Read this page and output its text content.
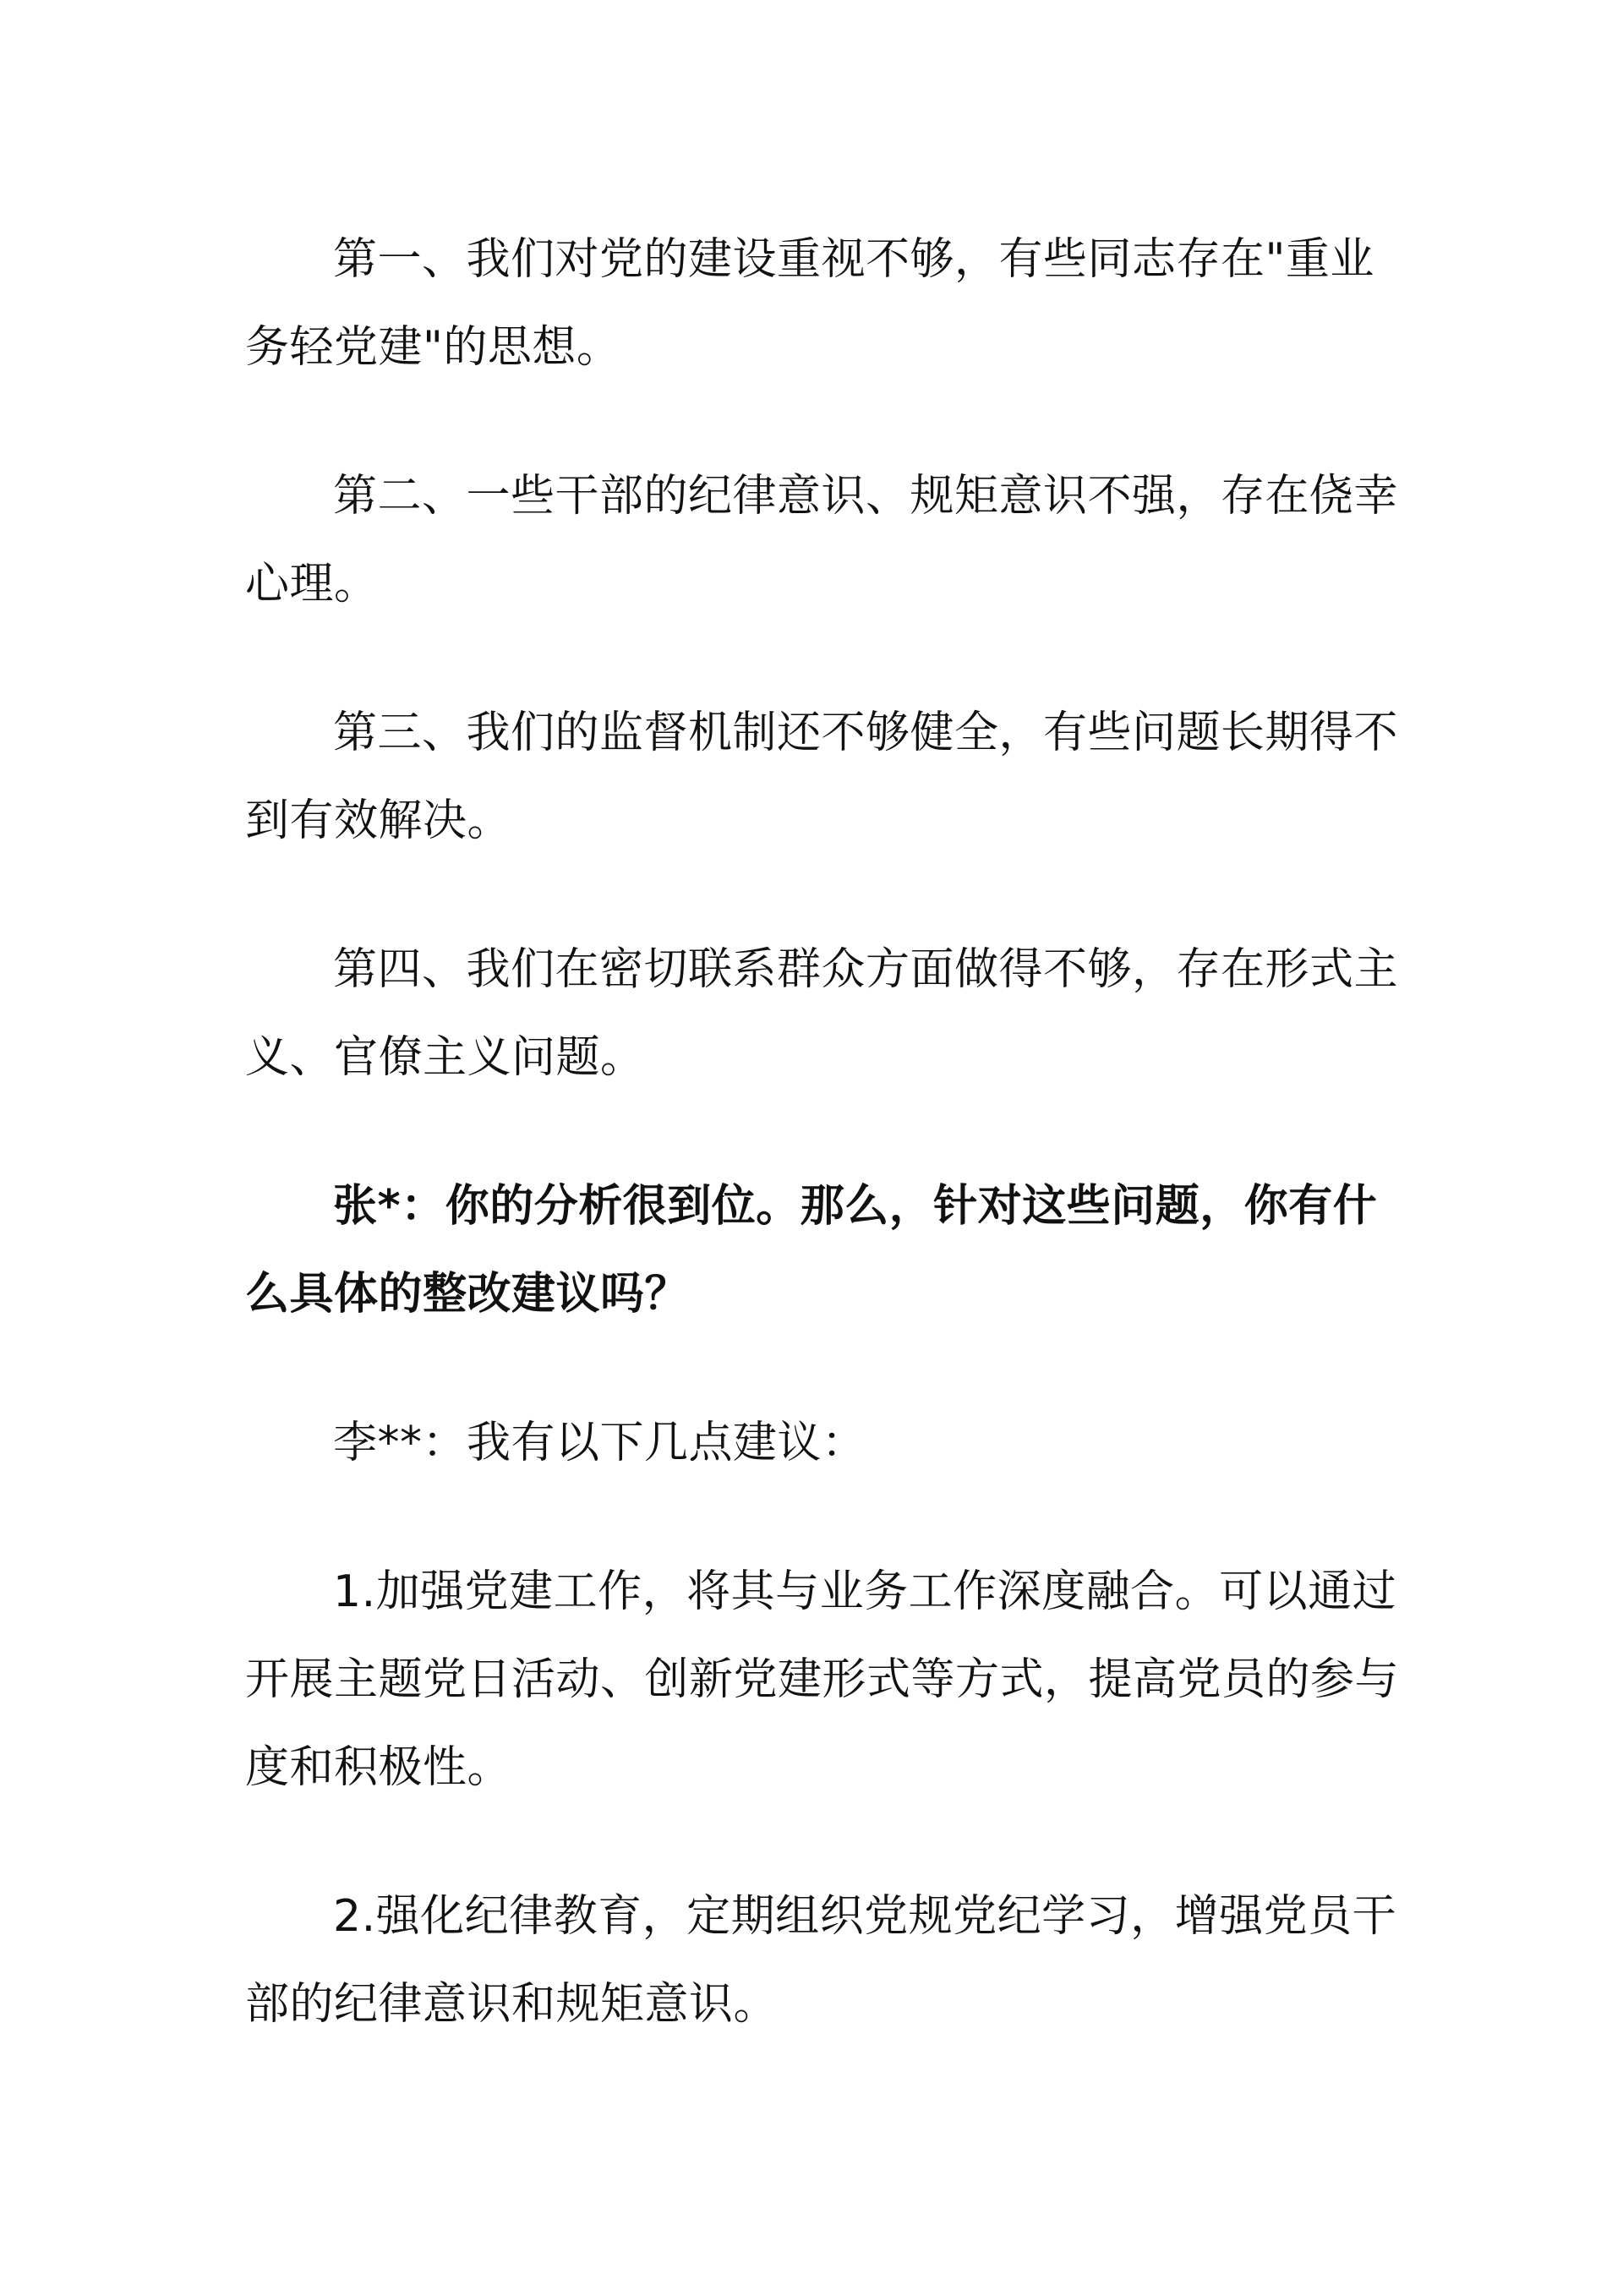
第一、我们对党的建设重视不够，有些同志存在"重业务轻党建"的思想。

第二、一些干部的纪律意识、规矩意识不强，存在侥幸心理。

第三、我们的监督机制还不够健全，有些问题长期得不到有效解决。

第四、我们在密切联系群众方面做得不够，存在形式主义、官僚主义问题。

张*：你的分析很到位。那么，针对这些问题，你有什么具体的整改建议吗？

李**：我有以下几点建议：

1.加强党建工作，将其与业务工作深度融合。可以通过开展主题党日活动、创新党建形式等方式，提高党员的参与度和积极性。

2.强化纪律教育，定期组织党规党纪学习，增强党员干部的纪律意识和规矩意识。
